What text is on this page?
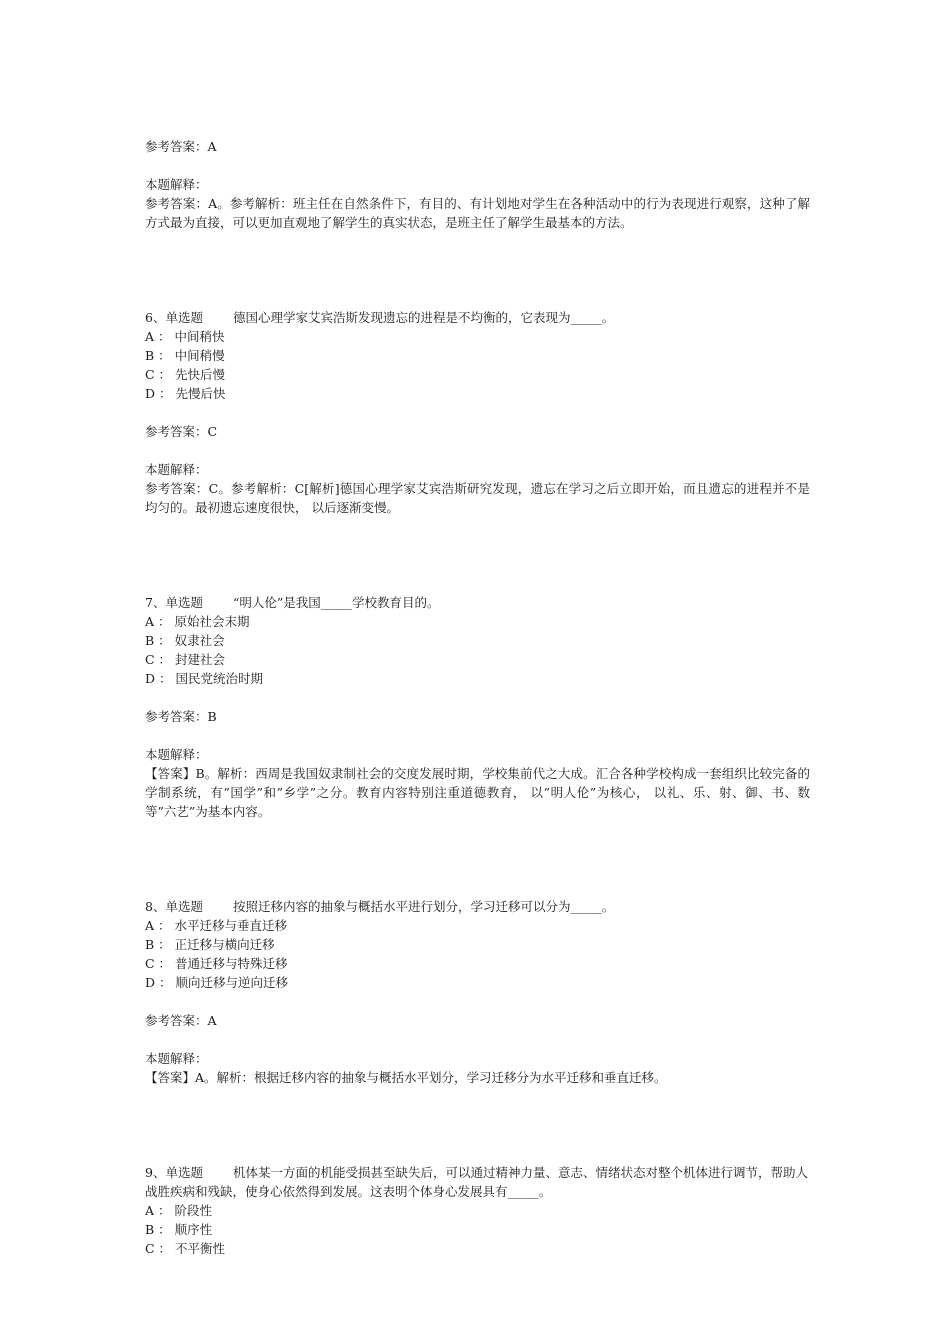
参考答案：A
本题解释：
参考答案：A。参考解析：班主任在自然条件下，有目的、有计划地对学生在各种活动中的行为表现进行观察，这种了解方式最为直接，可以更加直观地了解学生的真实状态，是班主任了解学生最基本的方法。
6、单选题 德国心理学家艾宾浩斯发现遗忘的进程是不均衡的，它表现为_____。
A ： 中间稍快
B ： 中间稍慢
C ： 先快后慢
D ： 先慢后快
参考答案：C
本题解释：
参考答案：C。参考解析：C[解析]德国心理学家艾宾浩斯研究发现，遗忘在学习之后立即开始，而且遗忘的进程并不是均匀的。最初遗忘速度很快， 以后逐渐变慢。
7、单选题 “明人伦”是我国_____学校教育目的。
A ： 原始社会末期
B ： 奴隶社会
C ： 封建社会
D ： 国民党统治时期
参考答案：B
本题解释：
【答案】B。解析：西周是我国奴隶制社会的交度发展时期，学校集前代之大成。汇合各种学校构成一套组织比较完备的学制系统，有”国学”和”乡学”之分。教育内容特别注重道德教育， 以”明人伦”为核心， 以礼、乐、射、御、书、数等”六艺”为基本内容。
8、单选题 按照迁移内容的抽象与概括水平进行划分，学习迁移可以分为_____。
A ： 水平迁移与垂直迁移
B ： 正迁移与横向迁移
C ： 普通迁移与特殊迁移
D ： 顺向迁移与逆向迁移
参考答案：A
本题解释：
【答案】A。解析：根据迁移内容的抽象与概括水平划分，学习迁移分为水平迁移和垂直迁移。
9、单选题 机体某一方面的机能受损甚至缺失后，可以通过精神力量、意志、情绪状态对整个机体进行调节，帮助人战胜疾病和残缺，使身心依然得到发展。这表明个体身心发展具有_____。
A ： 阶段性
B ： 顺序性
C ： 不平衡性
